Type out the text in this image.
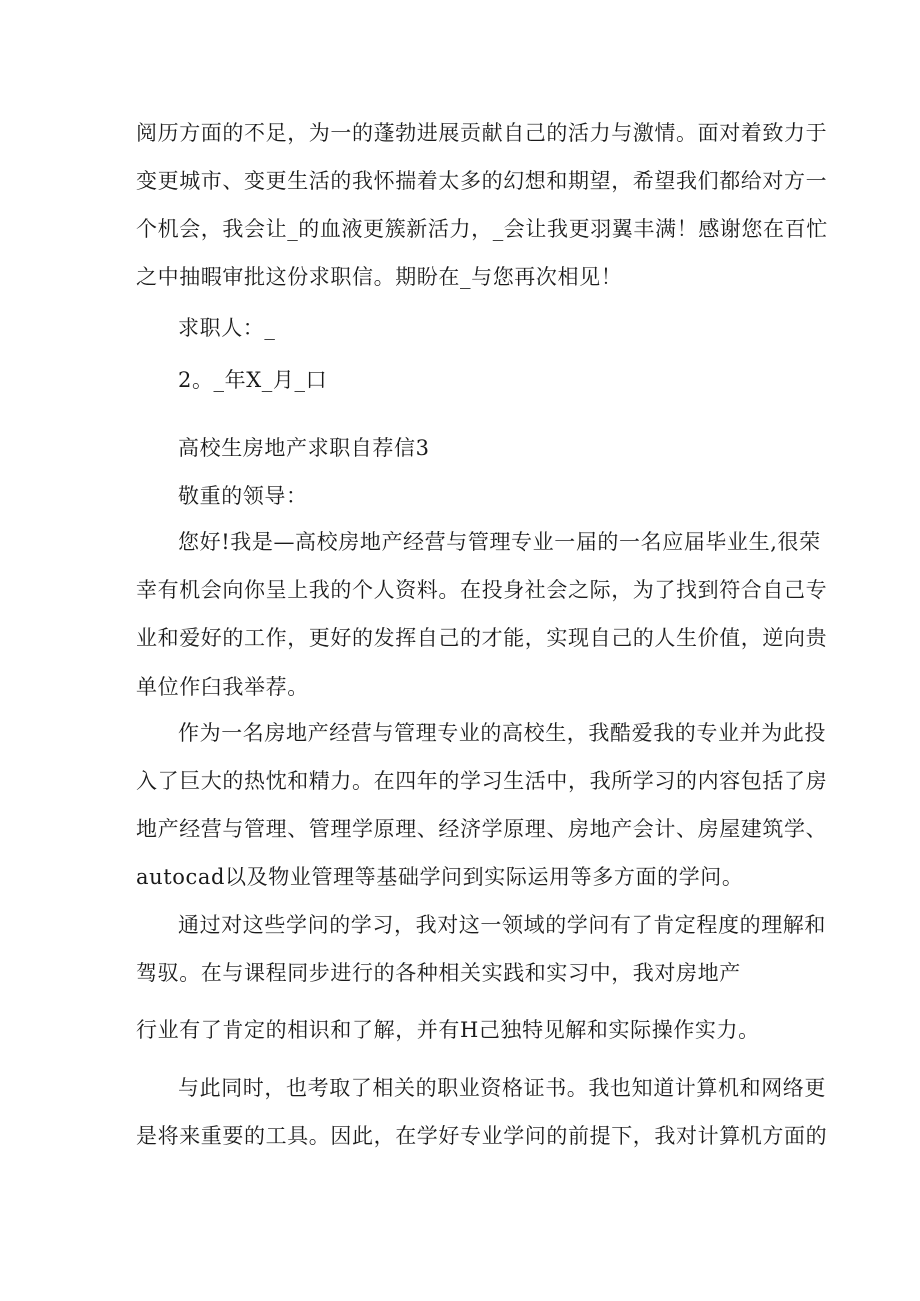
阅历方面的不足，为一的蓬勃进展贡献自己的活力与激情。面对着致力于
变更城市、变更生活的我怀揣着太多的幻想和期望，希望我们都给对方一
个机会，我会让_的血液更簇新活力，_会让我更羽翼丰满！感谢您在百忙
之中抽暇审批这份求职信。期盼在_与您再次相见！
求职人：_
2。_年X_月_口
高校生房地产求职自荐信3
敬重的领导：
您好!我是—高校房地产经营与管理专业一届的一名应届毕业生,很荣
幸有机会向你呈上我的个人资料。在投身社会之际，为了找到符合自己专
业和爱好的工作，更好的发挥自己的才能，实现自己的人生价值，逆向贵
单位作臼我举荐。
作为一名房地产经营与管理专业的高校生，我酷爱我的专业并为此投
入了巨大的热忱和精力。在四年的学习生活中，我所学习的内容包括了房
地产经营与管理、管理学原理、经济学原理、房地产会计、房屋建筑学、
autocad以及物业管理等基础学问到实际运用等多方面的学问。
通过对这些学问的学习，我对这一领域的学问有了肯定程度的理解和
驾驭。在与课程同步进行的各种相关实践和实习中，我对房地产
行业有了肯定的相识和了解，并有H己独特见解和实际操作实力。
与此同时，也考取了相关的职业资格证书。我也知道计算机和网络更
是将来重要的工具。因此，在学好专业学问的前提下，我对计算机方面的
